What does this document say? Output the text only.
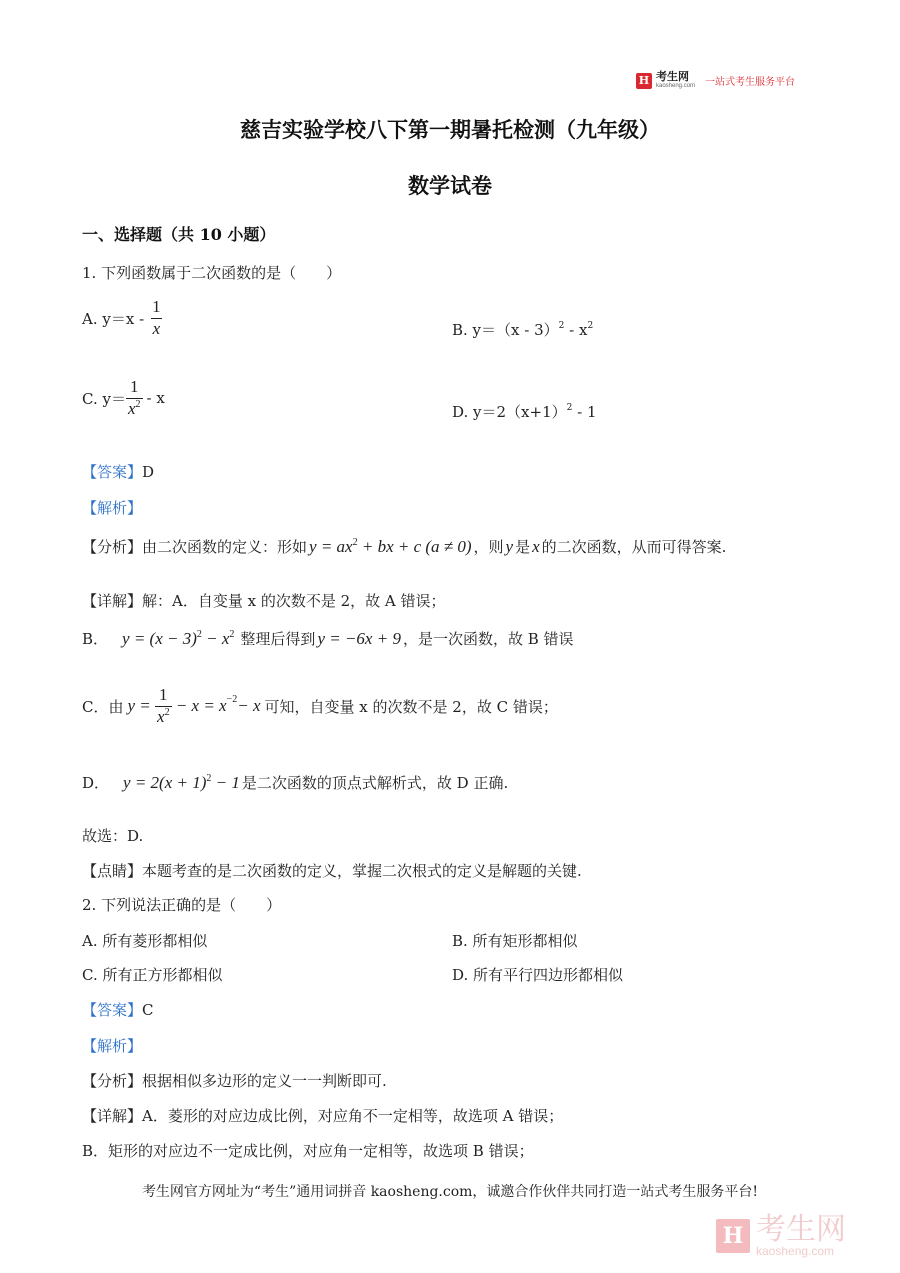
H 考生网
kaosheng.com 一站式考生服务平台
慈吉实验学校八下第一期暑托检测（九年级）
数学试卷
一、选择题（共 10 小题）
1. 下列函数属于二次函数的是（　　）
A. $y=x - \frac{1}{x}$	B. $y=(x - 3)^2 - x^2$
C. $y= \frac{1}{x^2} - x$
D. $y=2(x+1)^2 - 1$
【答案】D
【解析】
【分析】 由二次函数的定义：形如 $y = ax^2$ + bx + c (a ≠ 0) ，则 y 是 x 的二次函数，从而可得答案.
【详解】解：A．自变量 x 的次数不是 2，故 A 错误；
B． $y = (x - 3)^2 - x^2$ 整理后得到 y = −6x + 9 ，是一次函数，故 B 错误
C．由 $y = \frac{1}{x^2} - x = x -2 - x$ 可知，自变量 x 的次数不是 2，故 C 错误；
D． $y = 2(x + 1)^2 - 1$ 是二次函数的顶点式解析式，故 D 正确.
故选：D.
【点睛】本题考查的是二次函数的定义，掌握二次根式的定义是解题的关键.
2. 下列说法正确的是（　　）
A. 所有菱形都相似	B. 所有矩形都相似
C. 所有正方形都相似	D. 所有平行四边形都相似
【答案】C
【解析】
【分析】根据相似多边形的定义一一判断即可.
【详解】A．菱形的对应边成比例，对应角不一定相等，故选项 A 错误；
B．矩形的对应边不一定成比例，对应角一定相等，故选项 B 错误；
考生网官方网址为“考生”通用词拼音 kaosheng.com，诚邀合作伙伴共同打造一站式考生服务平台!
H 考生网
kaosheng.com
